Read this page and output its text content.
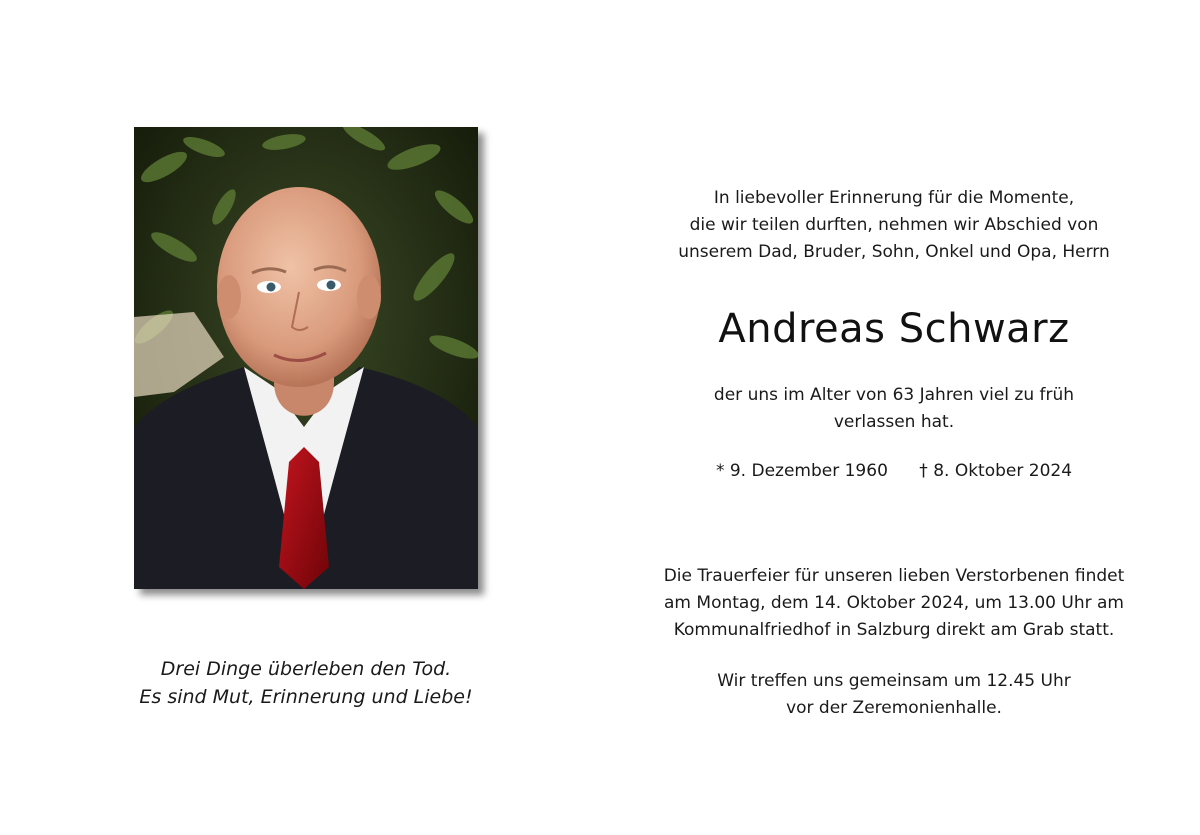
Drei Dinge überleben den Tod.
Es sind Mut, Erinnerung und Liebe!
In liebevoller Erinnerung für die Momente,
die wir teilen durften, nehmen wir Abschied von
unserem Dad, Bruder, Sohn, Onkel und Opa, Herrn
Andreas Schwarz
der uns im Alter von 63 Jahren viel zu früh
verlassen hat.
* 9. Dezember 1960 † 8. Oktober 2024
Die Trauerfeier für unseren lieben Verstorbenen findet
am Montag, dem 14. Oktober 2024, um 13.00 Uhr am
Kommunalfriedhof in Salzburg direkt am Grab statt.
Wir treffen uns gemeinsam um 12.45 Uhr
vor der Zeremonienhalle.
